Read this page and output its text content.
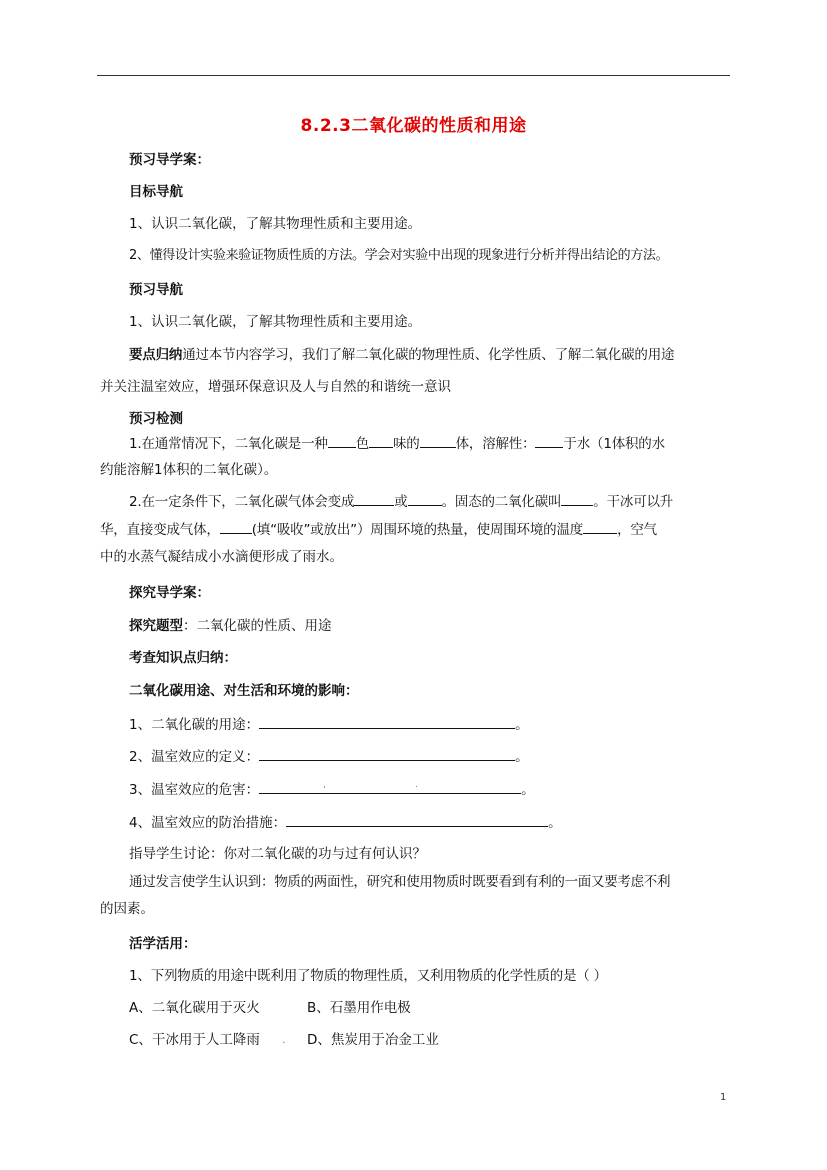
8.2.3二氧化碳的性质和用途
预习导学案：
目标导航
1、认识二氧化碳，了解其物理性质和主要用途。
2、懂得设计实验来验证物质性质的方法。学会对实验中出现的现象进行分析并得出结论的方法。
预习导航
1、认识二氧化碳，了解其物理性质和主要用途。
要点归纳通过本节内容学习，我们了解二氧化碳的物理性质、化学性质、了解二氧化碳的用途
并关注温室效应，增强环保意识及人与自然的和谐统一意识
预习检测
1.在通常情况下，二氧化碳是一种 色 味的	体，溶解性： 于水（1体积的水
约能溶解1体积的二氧化碳）。
2.在一定条件下，二氧化碳气体会变成	或	。固态的二氧化碳叫 。干冰可以升
华，直接变成气体， (填“吸收”或放出”）周围环境的热量，使周围环境的温度	，空气
中的水蒸气凝结成小水滴便形成了雨水。
探究导学案：
探究题型：二氧化碳的性质、用途
考查知识点归纳：
二氧化碳用途、对生活和环境的影响：
1、二氧化碳的用途：	。
2、温室效应的定义：	。
3、温室效应的危害：	,	.	。
4、温室效应的防治措施：	。
指导学生讨论：你对二氧化碳的功与过有何认识？
通过发言使学生认识到：物质的两面性，研究和使用物质时既要看到有利的一面又要考虑不利
的因素。
活学活用：
1、下列物质的用途中既利用了物质的物理性质，又利用物质的化学性质的是（ ）
A、二氧化碳用于灭火	B、石墨用作电极
C、干冰用于人工降雨 . D、焦炭用于冶金工业
1
